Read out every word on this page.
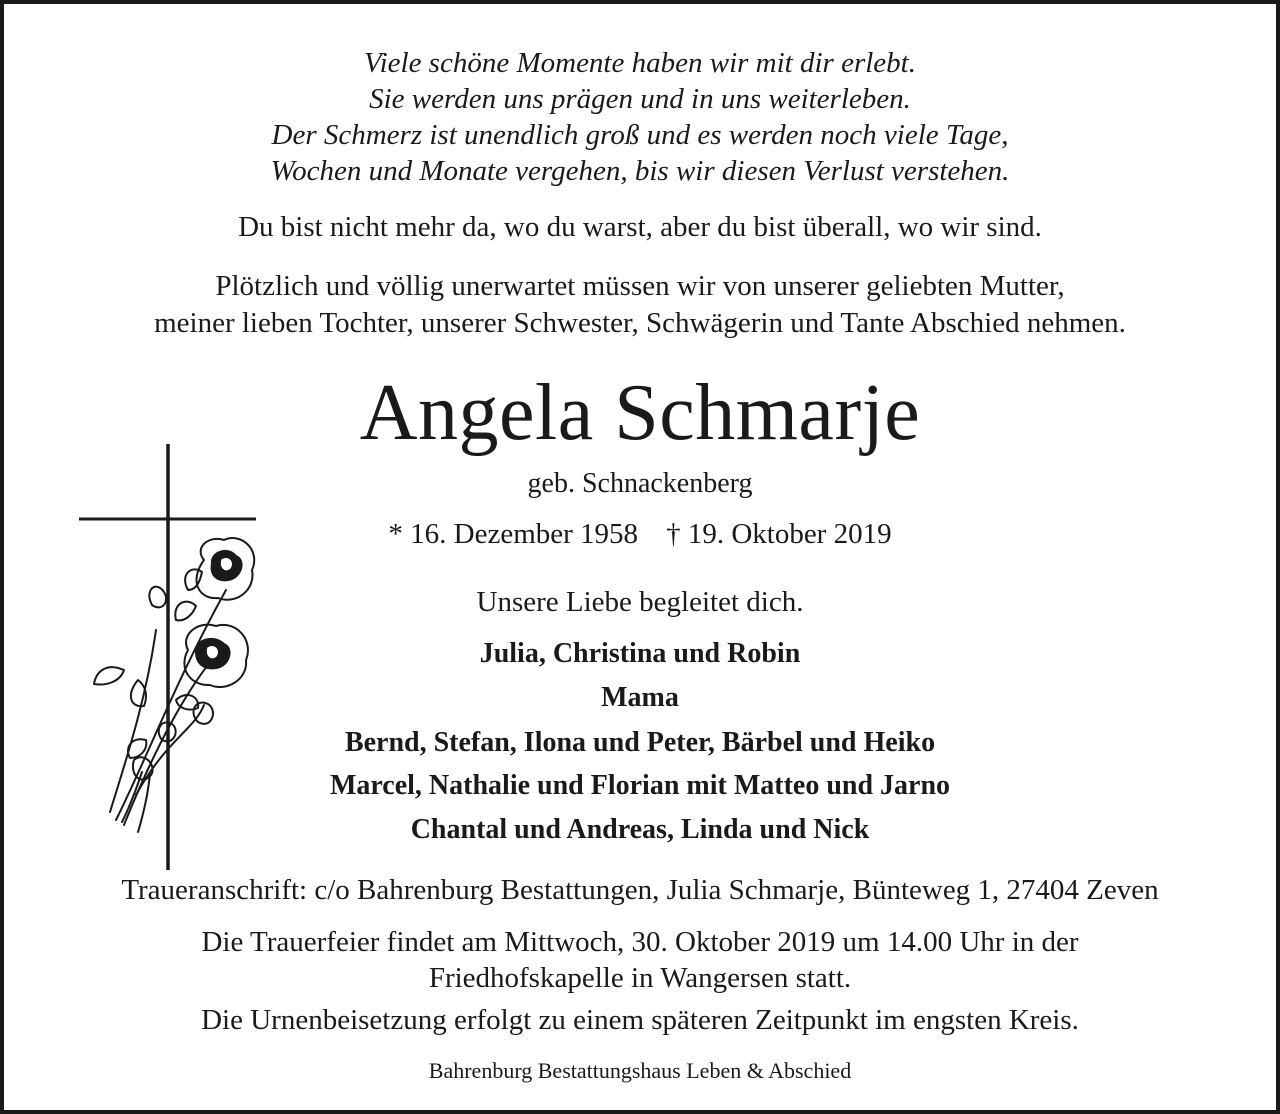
Viele schöne Momente haben wir mit dir erlebt.
Sie werden uns prägen und in uns weiterleben.
Der Schmerz ist unendlich groß und es werden noch viele Tage,
Wochen und Monate vergehen, bis wir diesen Verlust verstehen.
Du bist nicht mehr da, wo du warst, aber du bist überall, wo wir sind.
Plötzlich und völlig unerwartet müssen wir von unserer geliebten Mutter,
meiner lieben Tochter, unserer Schwester, Schwägerin und Tante Abschied nehmen.
Angela Schmarje
geb. Schnackenberg
* 16. Dezember 1958 † 19. Oktober 2019
Unsere Liebe begleitet dich.
Julia, Christina und Robin
Mama
Bernd, Stefan, Ilona und Peter, Bärbel und Heiko
Marcel, Nathalie und Florian mit Matteo und Jarno
Chantal und Andreas, Linda und Nick
Traueranschrift: c/o Bahrenburg Bestattungen, Julia Schmarje, Bünteweg 1, 27404 Zeven
Die Trauerfeier findet am Mittwoch, 30. Oktober 2019 um 14.00 Uhr in der
Friedhofskapelle in Wangersen statt.
Die Urnenbeisetzung erfolgt zu einem späteren Zeitpunkt im engsten Kreis.
Bahrenburg Bestattungshaus Leben & Abschied
